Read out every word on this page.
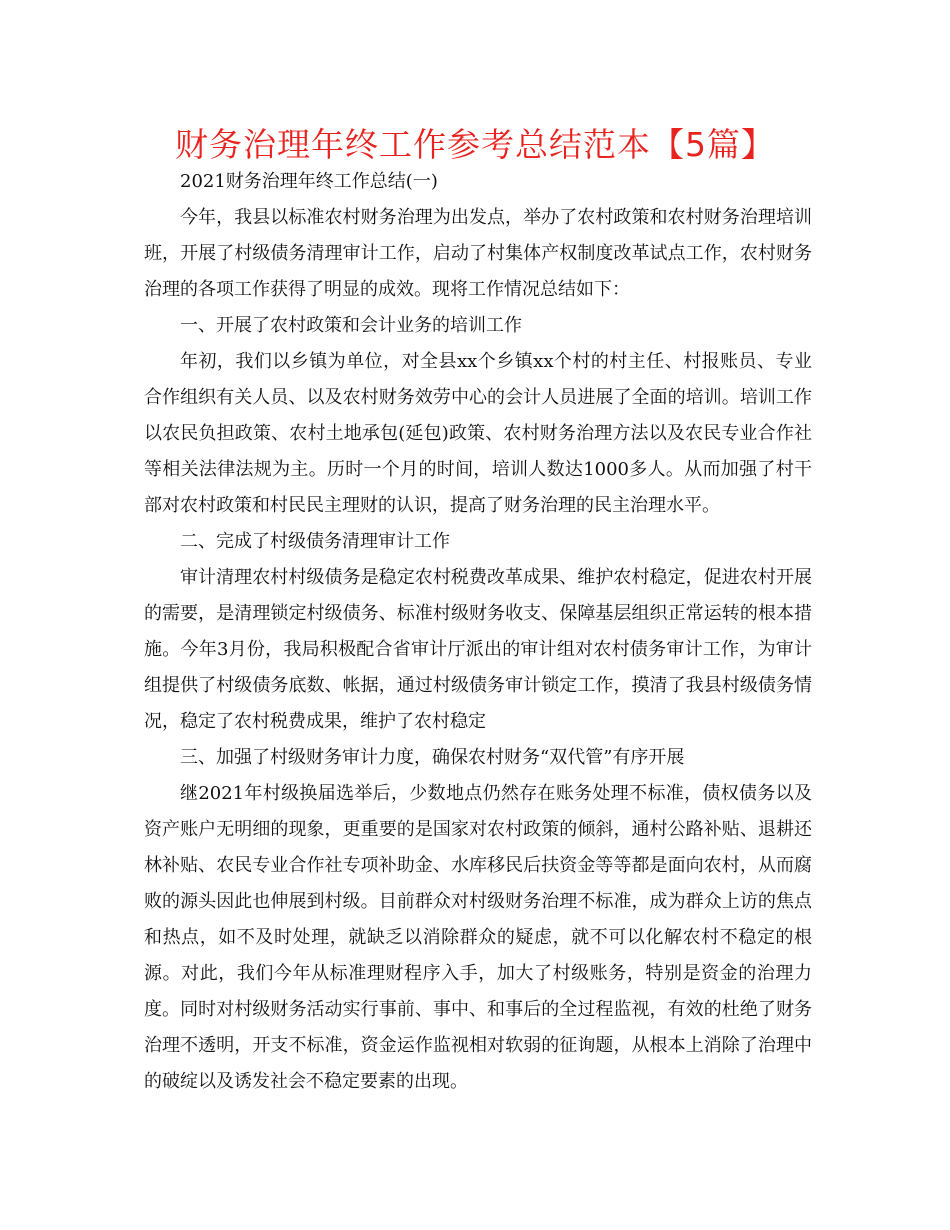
财务治理年终工作参考总结范本【5篇】

2021财务治理年终工作总结(一)

今年，我县以标准农村财务治理为出发点，举办了农村政策和农村财务治理培训班，开展了村级债务清理审计工作，启动了村集体产权制度改革试点工作，农村财务治理的各项工作获得了明显的成效。现将工作情况总结如下：

一、开展了农村政策和会计业务的培训工作

年初，我们以乡镇为单位，对全县xx个乡镇xx个村的村主任、村报账员、专业合作组织有关人员、以及农村财务效劳中心的会计人员进展了全面的培训。培训工作以农民负担政策、农村土地承包(延包)政策、农村财务治理方法以及农民专业合作社等相关法律法规为主。历时一个月的时间，培训人数达1000多人。从而加强了村干部对农村政策和村民民主理财的认识，提高了财务治理的民主治理水平。

二、完成了村级债务清理审计工作

审计清理农村村级债务是稳定农村税费改革成果、维护农村稳定，促进农村开展的需要，是清理锁定村级债务、标准村级财务收支、保障基层组织正常运转的根本措施。今年3月份，我局积极配合省审计厅派出的审计组对农村债务审计工作，为审计组提供了村级债务底数、帐据，通过村级债务审计锁定工作，摸清了我县村级债务情况，稳定了农村税费成果，维护了农村稳定

三、加强了村级财务审计力度，确保农村财务“双代管”有序开展

继2021年村级换届选举后，少数地点仍然存在账务处理不标准，债权债务以及资产账户无明细的现象，更重要的是国家对农村政策的倾斜，通村公路补贴、退耕还林补贴、农民专业合作社专项补助金、水库移民后扶资金等等都是面向农村，从而腐败的源头因此也伸展到村级。目前群众对村级财务治理不标准，成为群众上访的焦点和热点，如不及时处理，就缺乏以消除群众的疑虑，就不可以化解农村不稳定的根源。对此，我们今年从标准理财程序入手，加大了村级账务，特别是资金的治理力度。同时对村级财务活动实行事前、事中、和事后的全过程监视，有效的杜绝了财务治理不透明，开支不标准，资金运作监视相对软弱的征询题，从根本上消除了治理中的破绽以及诱发社会不稳定要素的出现。
